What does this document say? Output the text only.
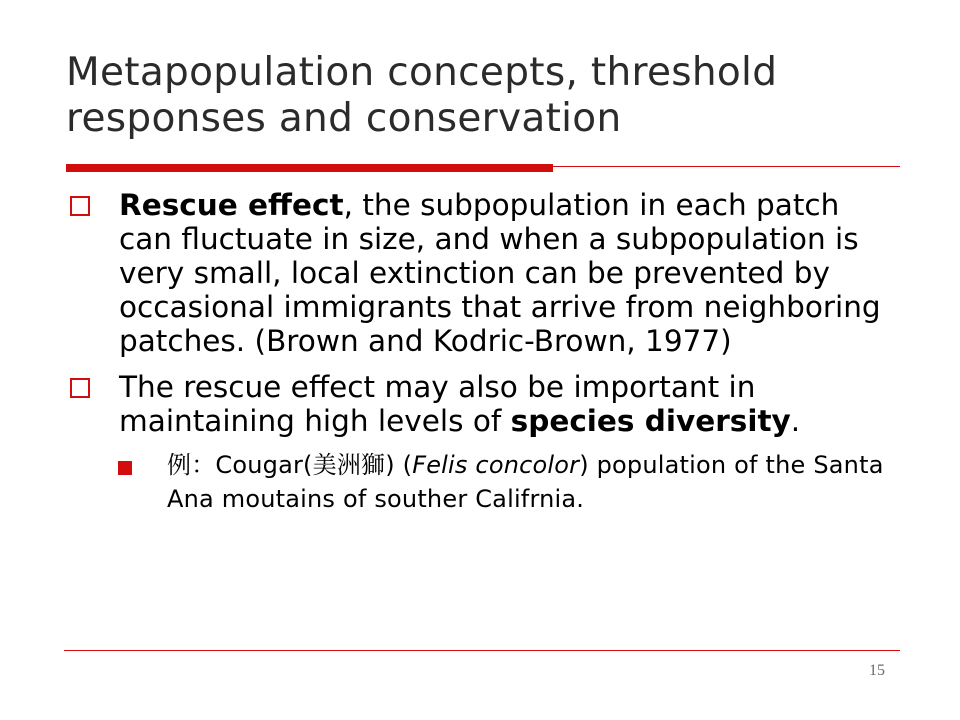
Metapopulation concepts, threshold
responses and conservation
Rescue effect, the subpopulation in each patch can fluctuate in size, and when a subpopulation is very small, local extinction can be prevented by occasional immigrants that arrive from neighboring patches. (Brown and Kodric-Brown, 1977)
The rescue effect may also be important in maintaining high levels of species diversity.
例：Cougar(美洲獅) (Felis concolor) population of the Santa Ana moutains of souther Califrnia.
15
